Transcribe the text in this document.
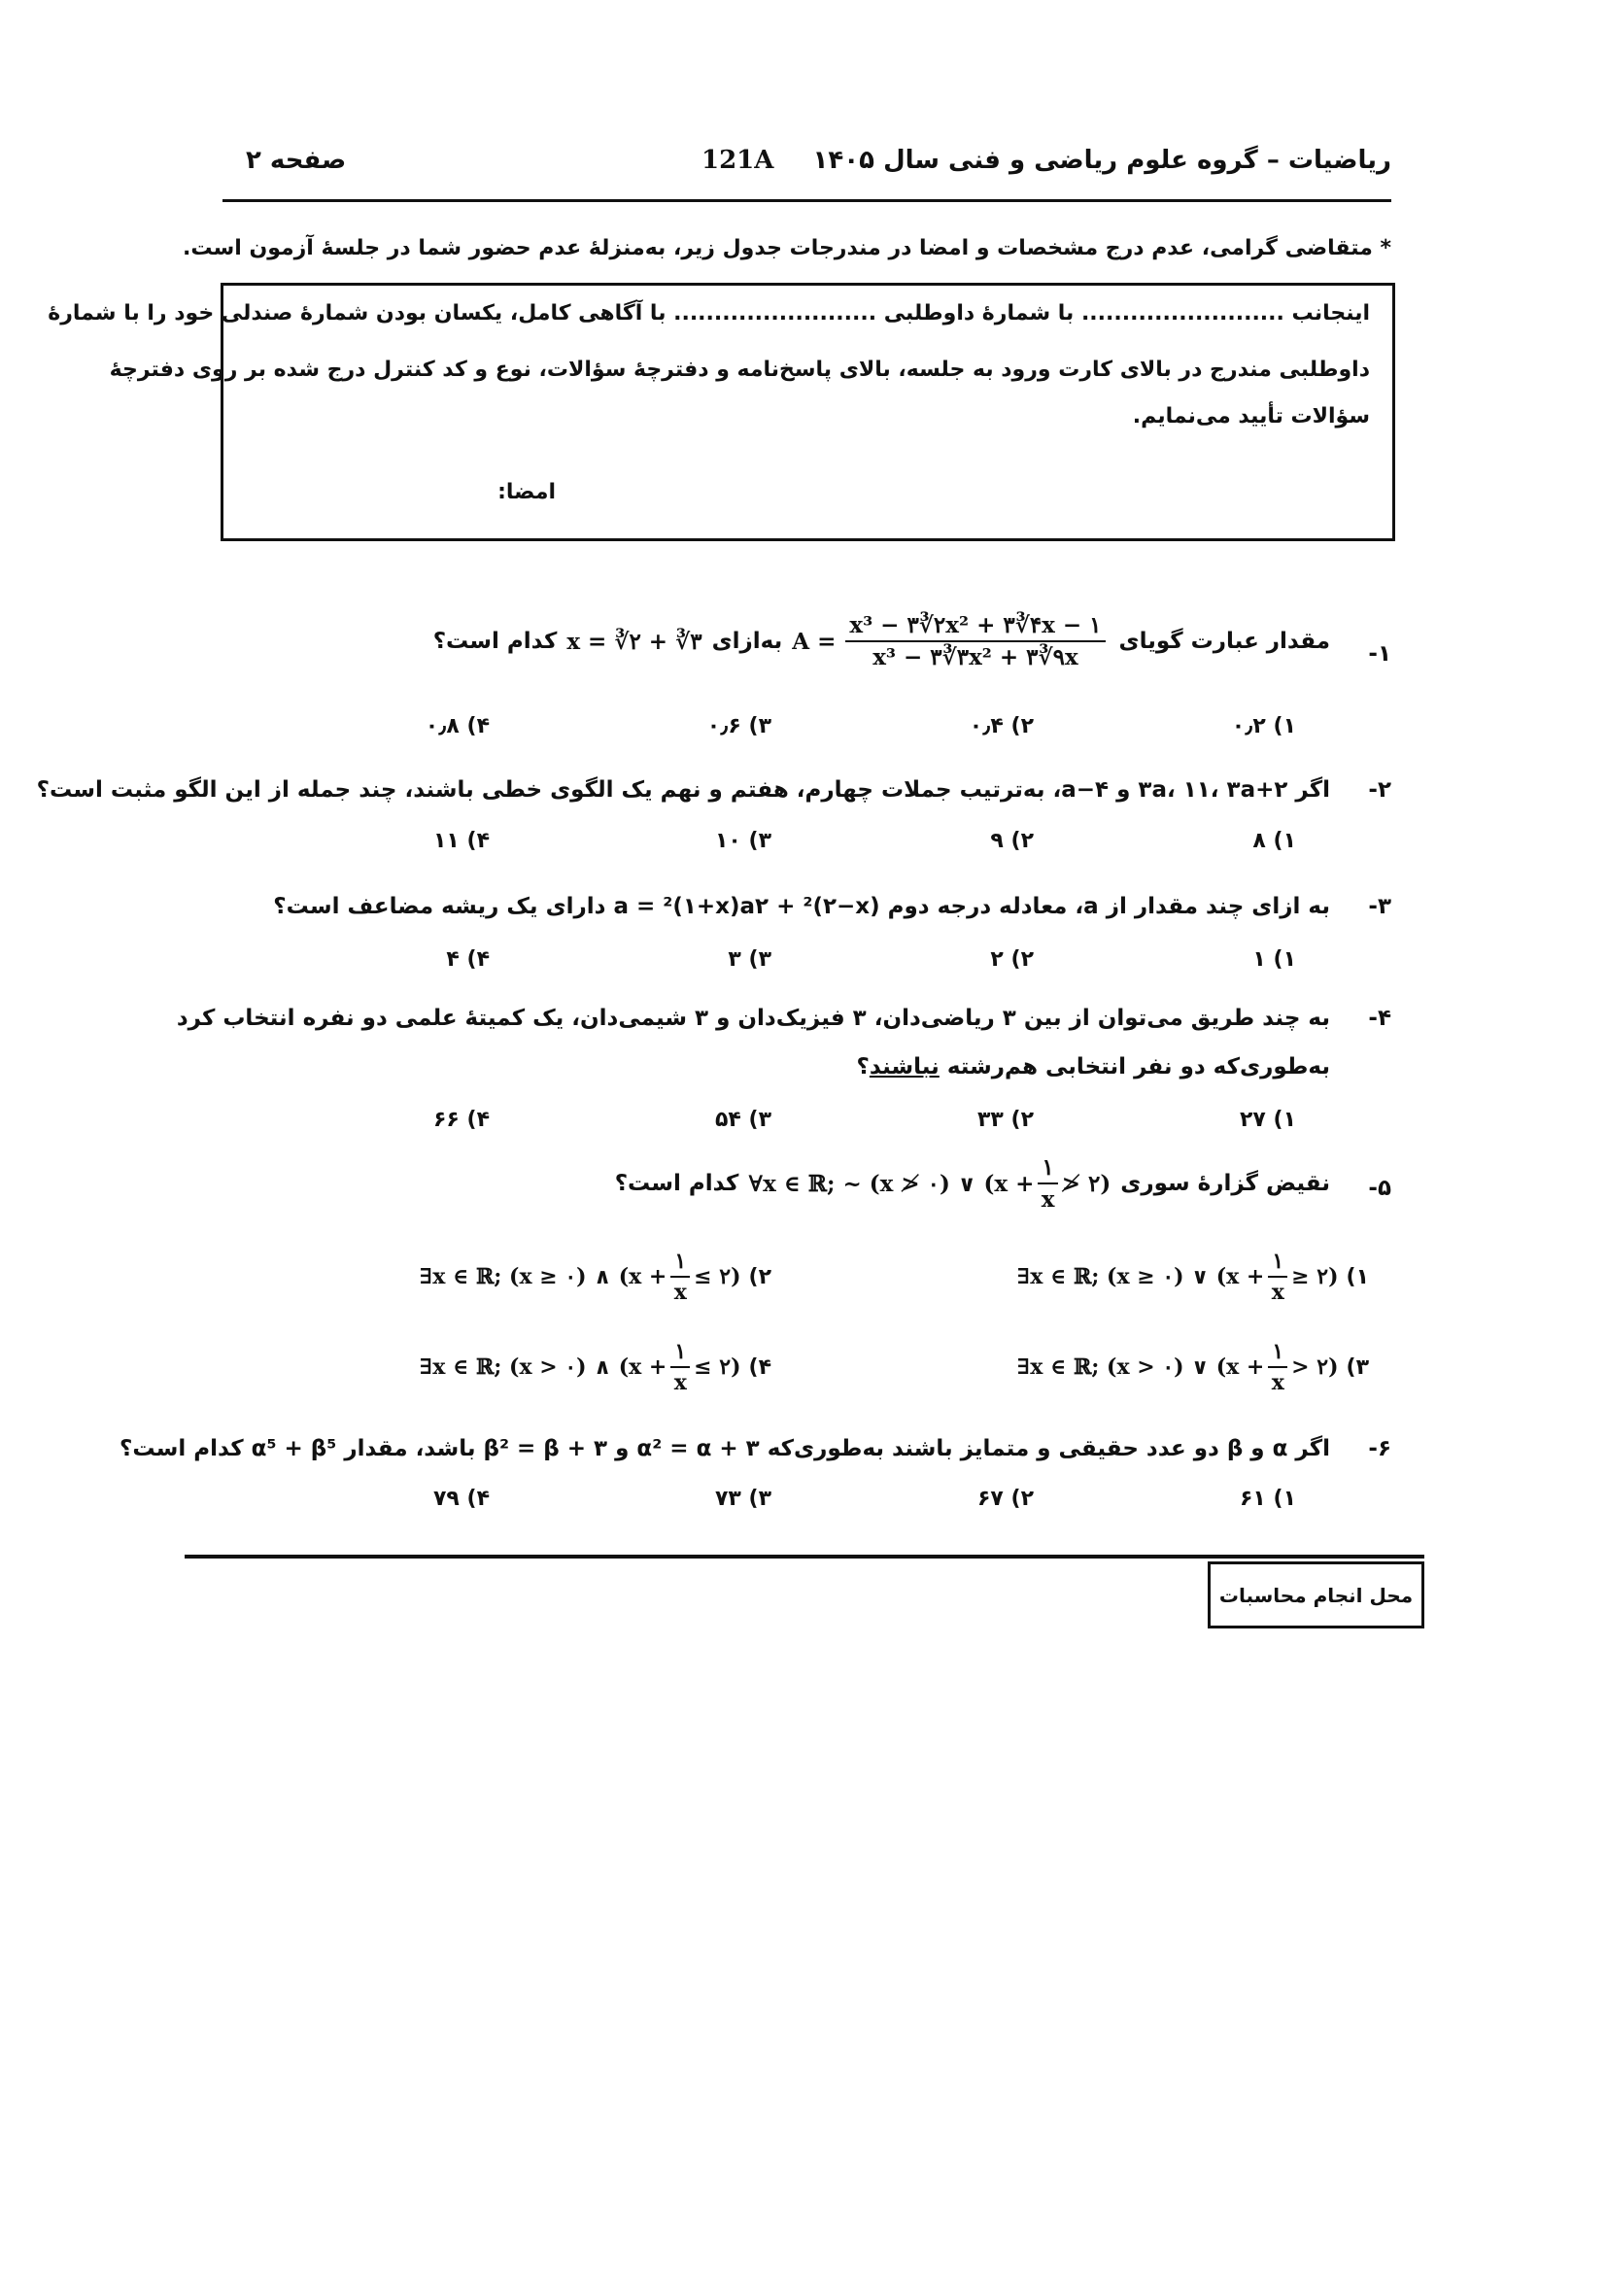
ریاضیات – گروه علوم ریاضی و فنی سال ۱۴۰۵
121A
صفحه ۲
* متقاضی گرامی، عدم درج مشخصات و امضا در مندرجات جدول زیر، به‌منزلهٔ عدم حضور شما در جلسهٔ آزمون است.
اینجانب ......................... با شمارهٔ داوطلبی ......................... با آگاهی کامل، یکسان بودن شمارهٔ صندلی خود را با شمارهٔ
داوطلبی مندرج در بالای کارت ورود به جلسه، بالای پاسخ‌نامه و دفترچهٔ سؤالات، نوع و کد کنترل درج شده بر روی دفترچهٔ
سؤالات تأیید می‌نمایم.
امضا:
۱-
مقدار عبارت گویای
$A = \frac{\text{x³ − ۳∛۲x² + ۳∛۴x − ۱}}{\text{x³ − ۳∛۳x² + ۳∛۹x}}$
به‌ازای
x = ∛۲ + ∛۳
کدام است؟
۱) ۰٫۲
۲) ۰٫۴
۳) ۰٫۶
۴) ۰٫۸
۲-
اگر ۲+۳a، ۱۱، ۳a و ۴−a، به‌ترتیب جملات چهارم، هفتم و نهم یک الگوی خطی باشند، چند جمله از این الگو مثبت است؟
۱) ۸
۲) ۹
۳) ۱۰
۴) ۱۱
۳-
به ازای چند مقدار از a، معادله درجه دوم a = ²(۱+x)a۲ + ²(۲−x) دارای یک ریشه مضاعف است؟
۱) ۱
۲) ۲
۳) ۳
۴) ۴
۴-
به چند طریق می‌توان از بین ۳ ریاضی‌دان، ۳ فیزیک‌دان و ۳ شیمی‌دان، یک کمیتهٔ علمی دو نفره انتخاب کرد
به‌طوری‌که دو نفر انتخابی هم‌رشته نباشند؟
۱) ۲۷
۲) ۳۳
۳) ۵۴
۴) ۶۶
۵-
نقیض گزارهٔ سوری
∀x ∈ ℝ; ~ (x ≯ ۰) ∨ ($x + \frac{۱}{x}$ ≯ ۲)
کدام است؟
۱)
∃x ∈ ℝ; (x ≥ ۰) ∨ ($x + \frac{۱}{x}$ ≥ ۲)
۲)
∃x ∈ ℝ; (x ≥ ۰) ∧ ($x + \frac{۱}{x}$ ≤ ۲)
۳)
∃x ∈ ℝ; (x > ۰) ∨ ($x + \frac{۱}{x}$ > ۲)
۴)
∃x ∈ ℝ; (x > ۰) ∧ ($x + \frac{۱}{x}$ ≤ ۲)
۶-
اگر α و β دو عدد حقیقی و متمایز باشند به‌طوری‌که α² = α + ۳ و β² = β + ۳ باشد، مقدار α⁵ + β⁵ کدام است؟
۱) ۶۱
۲) ۶۷
۳) ۷۳
۴) ۷۹
محل انجام محاسبات
